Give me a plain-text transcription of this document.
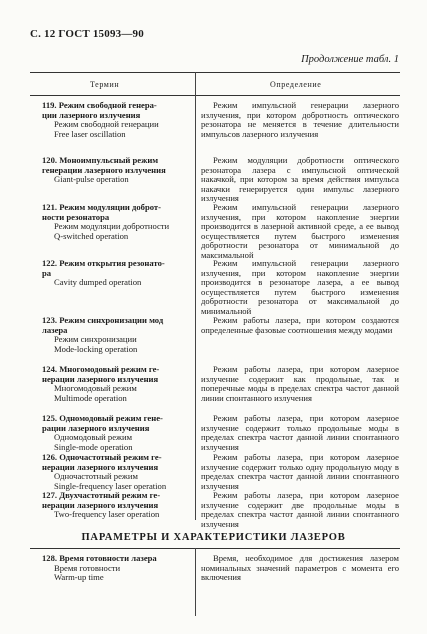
С. 12 ГОСТ 15093—90
Продолжение табл. 1
Термин	Определение
119. Режим свободной генера-
ции лазерного излучения
Режим свободной генерации
Free laser oscillation
Режим импульсной генерации лазерного излучения, при котором добротность оптического резонатора не меняется в течение длительности импульсов лазерного излучения
120. Моноимпульсный режим
генерации лазерного излучения
Giant-pulse operation
Режим модуляции добротности оптического резонатора лазера с импульсной оптической накачкой, при котором за время действия импульса накачки генерируется один импульс лазерного излучения
121. Режим модуляции доброт-
ности резонатора
Режим модуляции добротности
Q-switched operation
Режим импульсной генерации лазерного излучения, при котором накопление энергии производится в лазерной активной среде, а ее вывод осуществляется путем быстрого изменения добротности резонатора от минимальной до максимальной
122. Режим открытия резонато-
ра
Cavity dumped operation
Режим импульсной генерации лазерного излучения, при котором накопление энергии производится в резонаторе лазера, а ее вывод осуществляется путем быстрого изменения добротности резонатора от максимальной до минимальной
123. Режим синхронизации мод
лазера
Режим синхронизации
Mode-locking operation
Режим работы лазера, при котором создаются определенные фазовые соотношения между модами
124. Многомодовый режим ге-
нерации лазерного излучения
Многомодовый режим
Multimode operation
Режим работы лазера, при котором лазерное излучение содержит как продольные, так и поперечные моды в пределах спектра частот данной линии спонтанного излучения
125. Одномодовый режим гене-
рации лазерного излучения
Одномодовый режим
Single-mode operation
Режим работы лазера, при котором лазерное излучение содержит только продольные моды в пределах спектра частот данной линии спонтанного излучения
126. Одночастотный режим ге-
нерации лазерного излучения
Одночастотный режим
Single-frequency laser operation
Режим работы лазера, при котором лазерное излучение содержит только одну продольную моду в пределах спектра частот данной линии спонтанного излучения
127. Двухчастотный режим ге-
нерации лазерного излучения
Two-frequency laser operation
Режим работы лазера, при котором лазерное излучение содержит две продольные моды в пределах спектра частот данной линии спонтанного излучения
ПАРАМЕТРЫ И ХАРАКТЕРИСТИКИ ЛАЗЕРОВ
128. Время готовности лазера
Время готовности
Warm-up time
Время, необходимое для достижения лазером номинальных значений параметров с момента его включения
